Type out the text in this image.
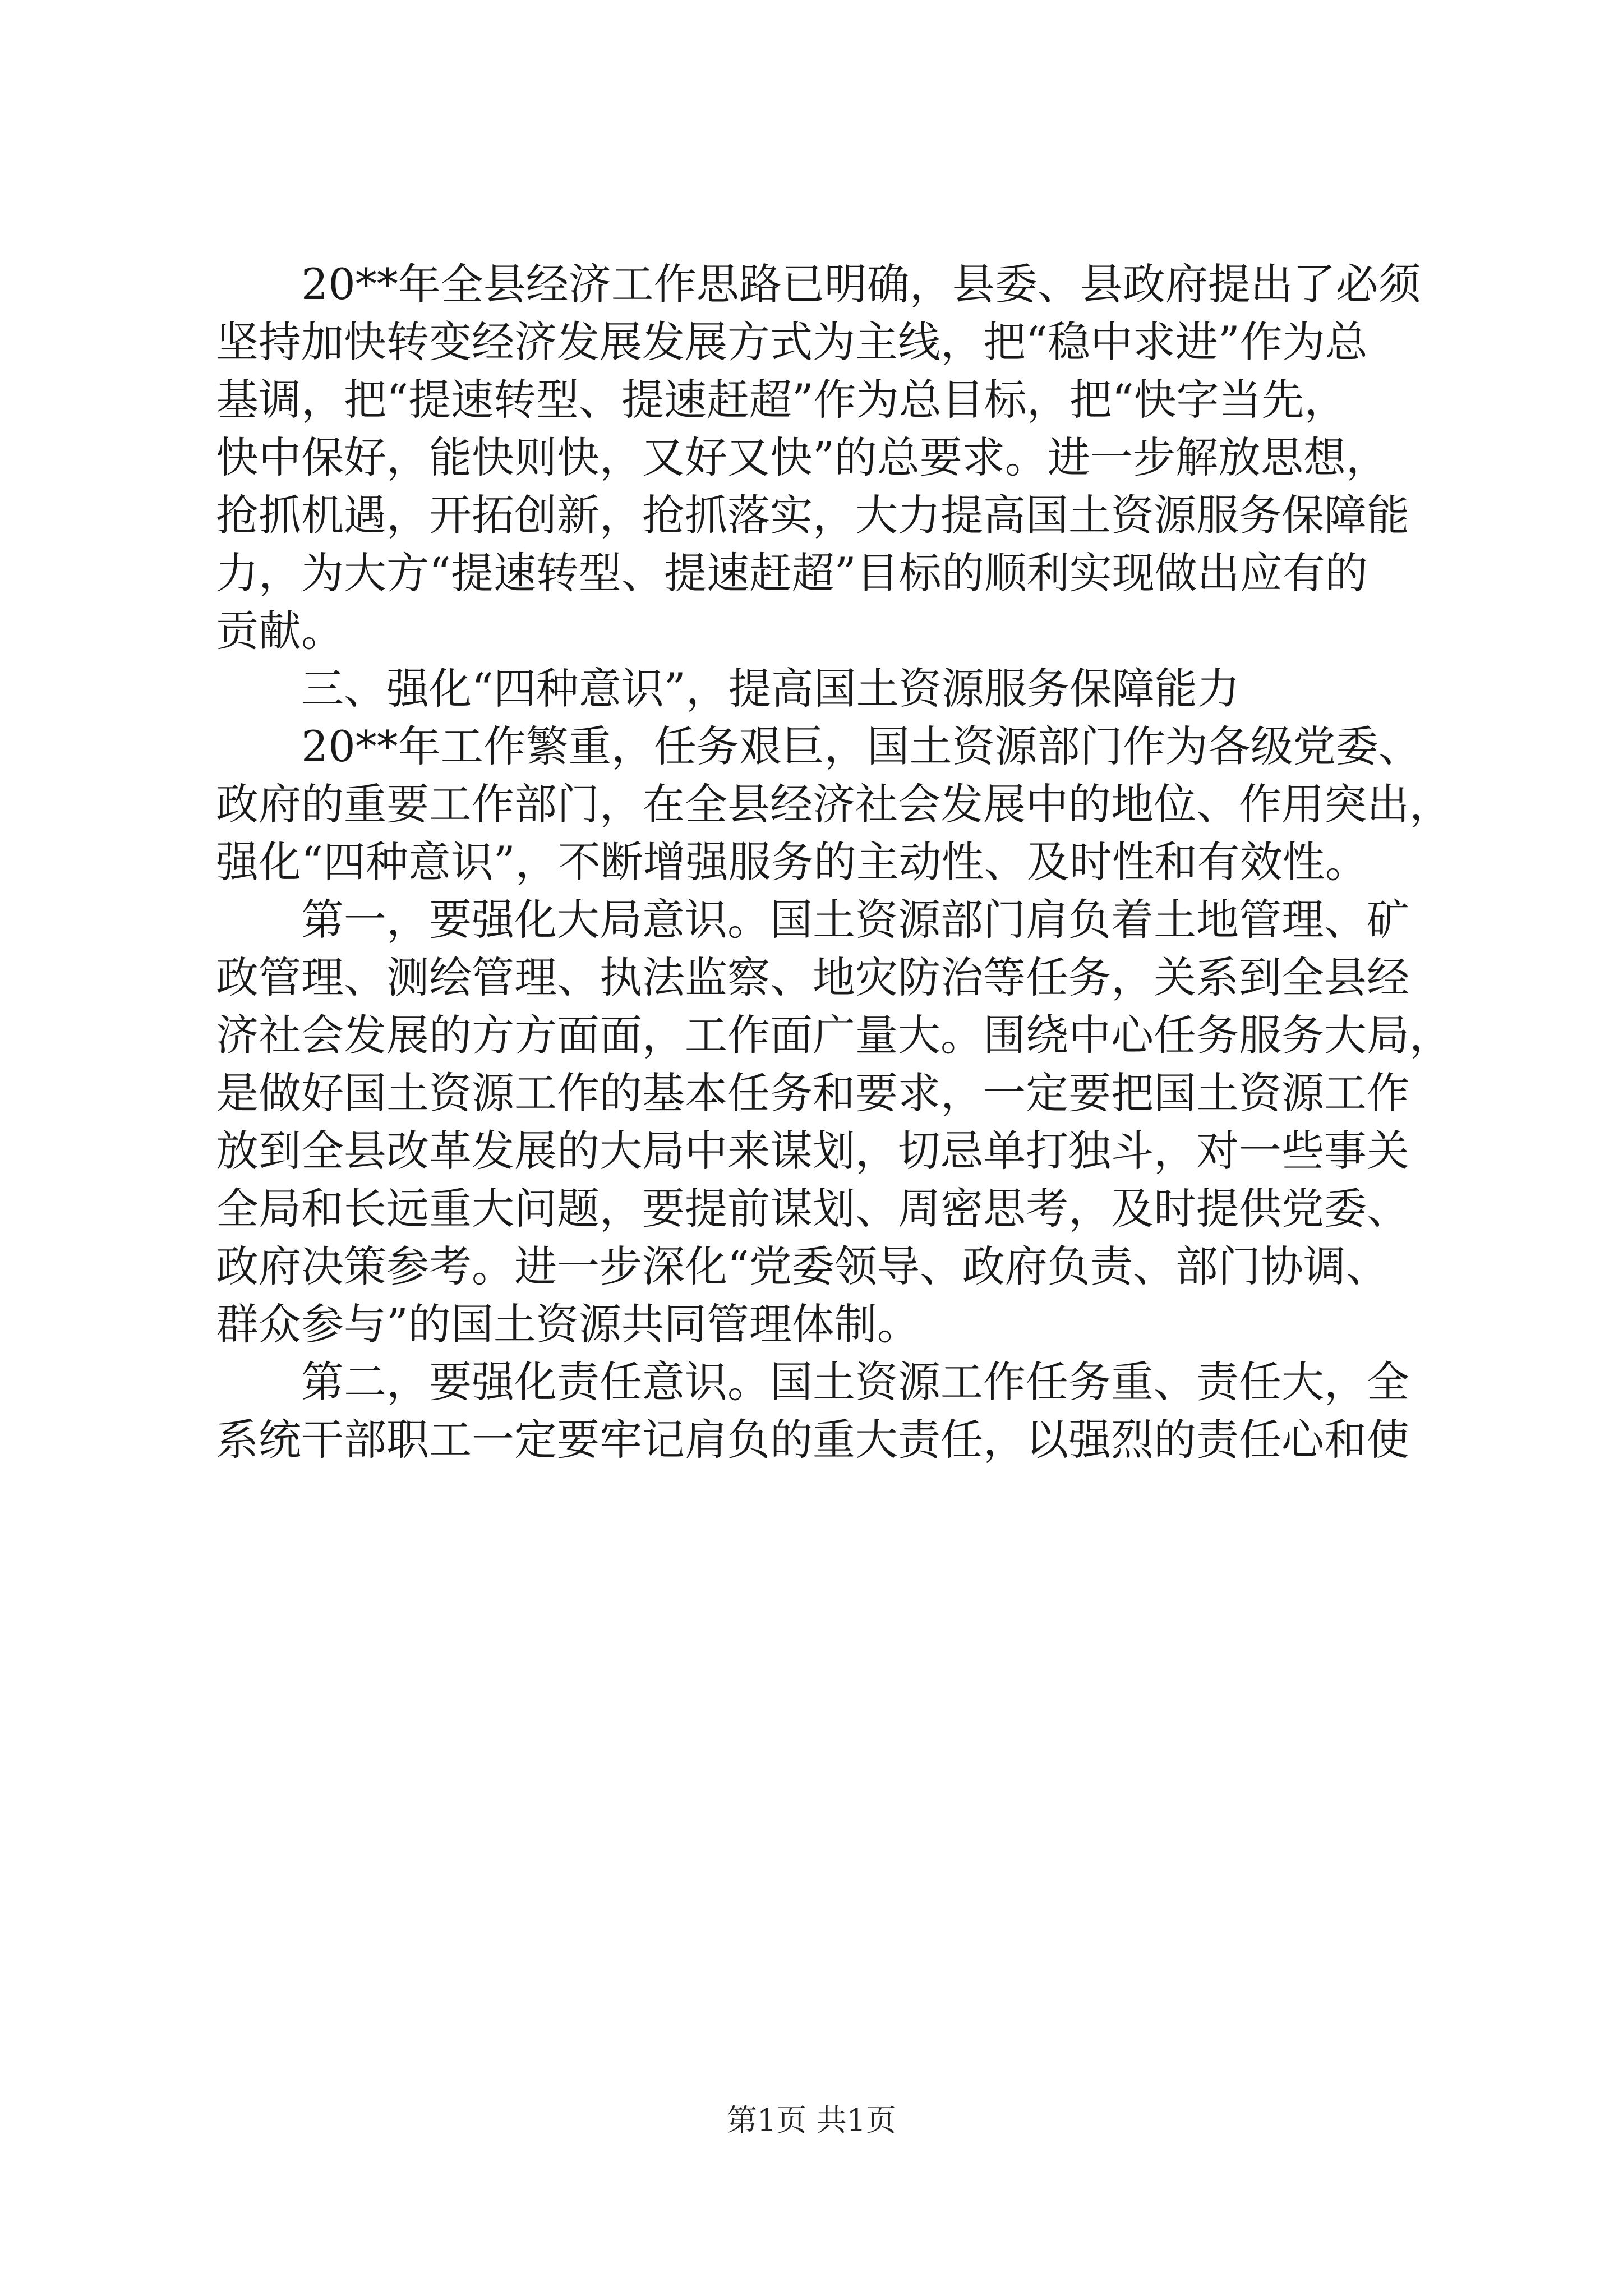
20**年全县经济工作思路已明确，县委、县政府提出了必须
坚持加快转变经济发展发展方式为主线，把“稳中求进”作为总
基调，把“提速转型、提速赶超”作为总目标，把“快字当先，
快中保好，能快则快，又好又快”的总要求。进一步解放思想，
抢抓机遇，开拓创新，抢抓落实，大力提高国土资源服务保障能
力，为大方“提速转型、提速赶超”目标的顺利实现做出应有的
贡献。
三、强化“四种意识”，提高国土资源服务保障能力
20**年工作繁重，任务艰巨，国土资源部门作为各级党委、
政府的重要工作部门，在全县经济社会发展中的地位、作用突出，
强化“四种意识”，不断增强服务的主动性、及时性和有效性。
第一，要强化大局意识。国土资源部门肩负着土地管理、矿
政管理、测绘管理、执法监察、地灾防治等任务，关系到全县经
济社会发展的方方面面，工作面广量大。围绕中心任务服务大局，
是做好国土资源工作的基本任务和要求，一定要把国土资源工作
放到全县改革发展的大局中来谋划，切忌单打独斗，对一些事关
全局和长远重大问题，要提前谋划、周密思考，及时提供党委、
政府决策参考。进一步深化“党委领导、政府负责、部门协调、
群众参与”的国土资源共同管理体制。
第二，要强化责任意识。国土资源工作任务重、责任大，全
系统干部职工一定要牢记肩负的重大责任，以强烈的责任心和使
第1页 共1页
